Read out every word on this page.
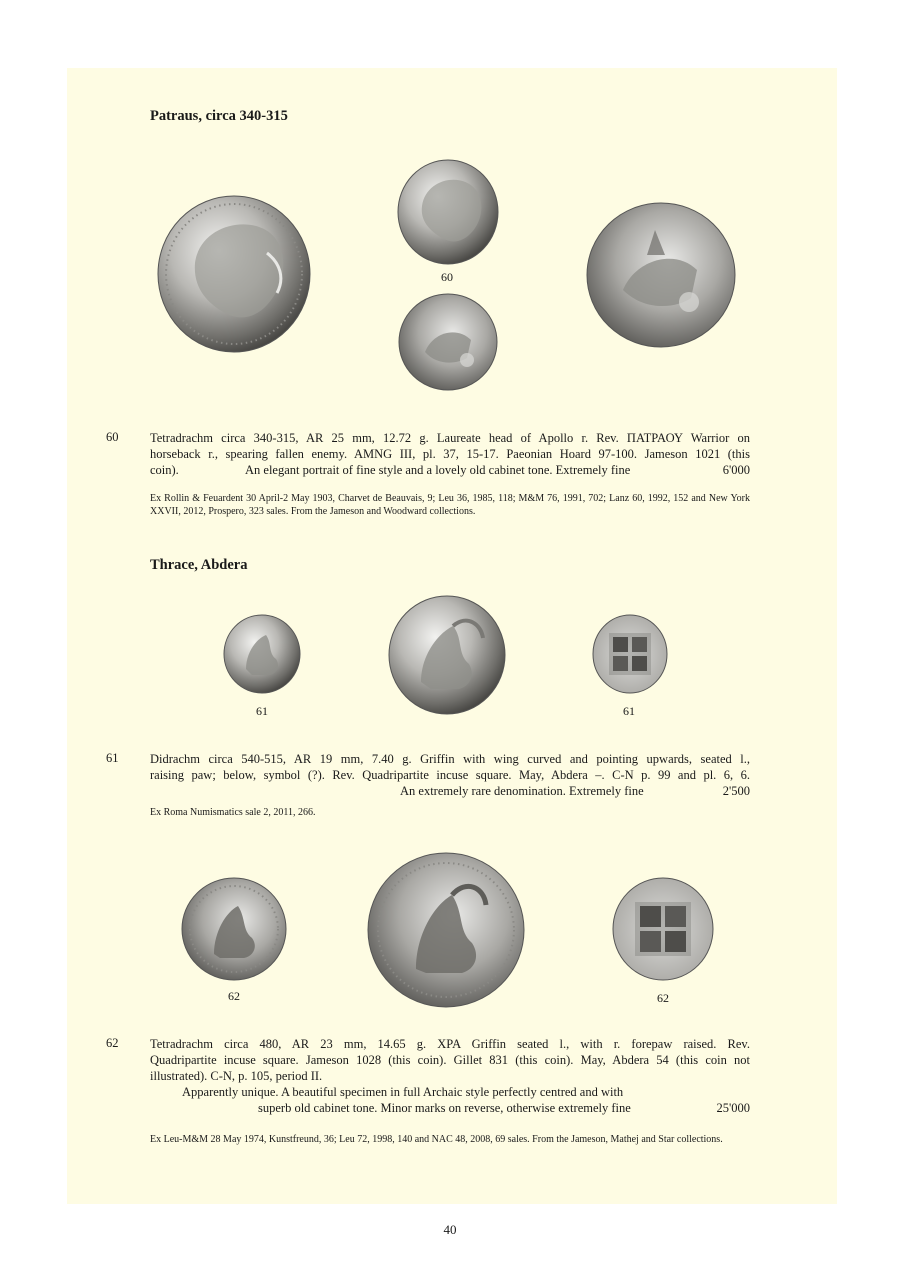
Patraus, circa 340-315
60
60	Tetradrachm circa 340-315, AR 25 mm, 12.72 g. Laureate head of Apollo r. Rev. ΠΑΤΡΑΟΥ Warrior on
horseback r., spearing fallen enemy. AMNG III, pl. 37, 15-17. Paeonian Hoard 97-100. Jameson 1021 (this
coin).	An elegant portrait of fine style and a lovely old cabinet tone. Extremely fine	6'000
Ex Rollin & Feuardent 30 April-2 May 1903, Charvet de Beauvais, 9; Leu 36, 1985, 118; M&M 76, 1991, 702; Lanz 60, 1992, 152 and New York XXVII, 2012, Prospero, 323 sales. From the Jameson and Woodward collections.
Thrace, Abdera
61	61
61	Didrachm circa 540-515, AR 19 mm, 7.40 g. Griffin with wing curved and pointing upwards, seated l.,
raising paw; below, symbol (?). Rev. Quadripartite incuse square. May, Abdera –. C-N p. 99 and pl. 6, 6.
An extremely rare denomination. Extremely fine	2'500
Ex Roma Numismatics sale 2, 2011, 266.
62	62
62	Tetradrachm circa 480, AR 23 mm, 14.65 g. ΧΡΑ Griffin seated l., with r. forepaw raised. Rev.
Quadripartite incuse square. Jameson 1028 (this coin). Gillet 831 (this coin). May, Abdera 54 (this coin not
illustrated). C-N, p. 105, period II.
Apparently unique. A beautiful specimen in full Archaic style perfectly centred and with
superb old cabinet tone. Minor marks on reverse, otherwise extremely fine	25'000
Ex Leu-M&M 28 May 1974, Kunstfreund, 36; Leu 72, 1998, 140 and NAC 48, 2008, 69 sales. From the Jameson, Mathej and Star collections.
40
